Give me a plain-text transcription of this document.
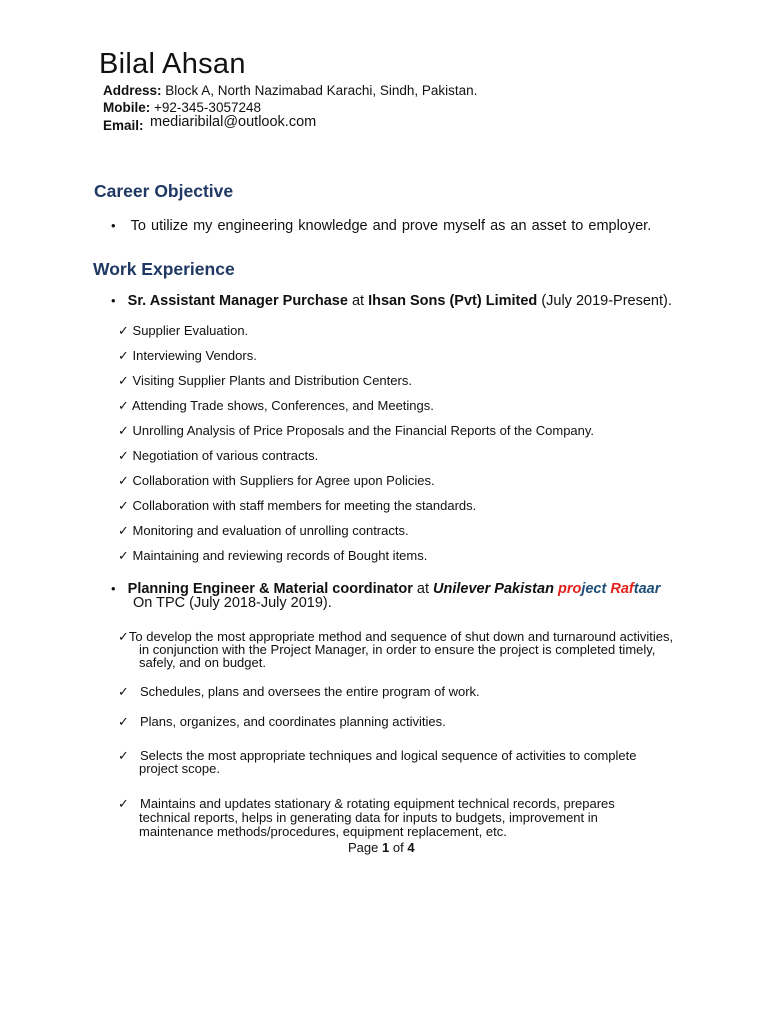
Bilal Ahsan
Address: Block A, North Nazimabad Karachi, Sindh, Pakistan.
Mobile: +92-345-3057248
Email: mediaribilal@outlook.com
Career Objective
• To utilize my engineering knowledge and prove myself as an asset to employer.
Work Experience
• Sr. Assistant Manager Purchase at Ihsan Sons (Pvt) Limited (July 2019-Present).
✓ Supplier Evaluation.
✓ Interviewing Vendors.
✓ Visiting Supplier Plants and Distribution Centers.
✓ Attending Trade shows, Conferences, and Meetings.
✓ Unrolling Analysis of Price Proposals and the Financial Reports of the Company.
✓ Negotiation of various contracts.
✓ Collaboration with Suppliers for Agree upon Policies.
✓ Collaboration with staff members for meeting the standards.
✓ Monitoring and evaluation of unrolling contracts.
✓ Maintaining and reviewing records of Bought items.
• Planning Engineer & Material coordinator at Unilever Pakistan project Raftaar
On TPC (July 2018-July 2019).
✓To develop the most appropriate method and sequence of shut down and turnaround activities,
in conjunction with the Project Manager, in order to ensure the project is completed timely,
safely, and on budget.
✓ Schedules, plans and oversees the entire program of work.
✓ Plans, organizes, and coordinates planning activities.
✓ Selects the most appropriate techniques and logical sequence of activities to complete
project scope.
✓ Maintains and updates stationary & rotating equipment technical records, prepares
technical reports, helps in generating data for inputs to budgets, improvement in
maintenance methods/procedures, equipment replacement, etc.
Page 1 of 4
